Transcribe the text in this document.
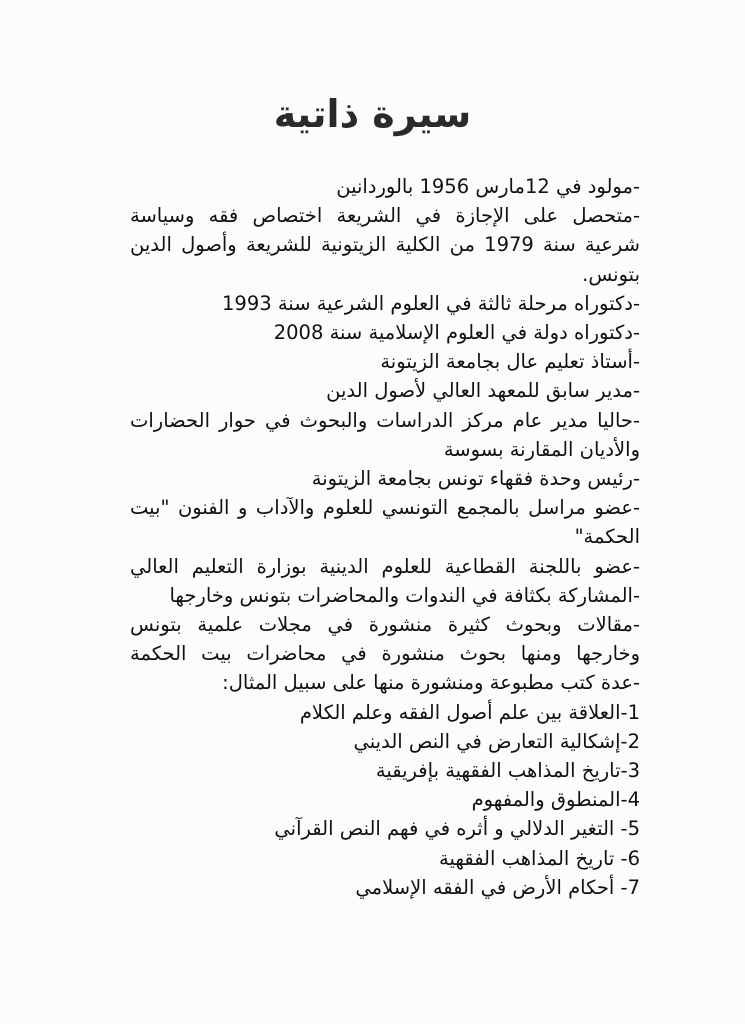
سيرة ذاتية
-مولود في 12مارس 1956 بالوردانين
-متحصل على الإجازة في الشريعة اختصاص فقه وسياسة
شرعية سنة 1979 من الكلية الزيتونية للشريعة وأصول الدين
بتونس.
-دكتوراه مرحلة ثالثة في العلوم الشرعية سنة 1993
-دكتوراه دولة في العلوم الإسلامية سنة 2008
-أستاذ تعليم عال بجامعة الزيتونة
-مدير سابق للمعهد العالي لأصول الدين
-حاليا مدير عام مركز الدراسات والبحوث في حوار الحضارات
والأديان المقارنة بسوسة
-رئيس وحدة فقهاء تونس بجامعة الزيتونة
-عضو مراسل بالمجمع التونسي للعلوم والآداب و الفنون "بيت
الحكمة"
-عضو باللجنة القطاعية للعلوم الدينية بوزارة التعليم العالي
-المشاركة بكثافة في الندوات والمحاضرات بتونس وخارجها
-مقالات وبحوث كثيرة منشورة في مجلات علمية بتونس
وخارجها ومنها بحوث منشورة في محاضرات بيت الحكمة
-عدة كتب مطبوعة ومنشورة منها على سبيل المثال:
1-العلاقة بين علم أصول الفقه وعلم الكلام
2-إشكالية التعارض في النص الديني
3-تاريخ المذاهب الفقهية بإفريقية
4-المنطوق والمفهوم
5- التغير الدلالي و أثره في فهم النص القرآني
6- تاريخ المذاهب الفقهية
7- أحكام الأرض في الفقه الإسلامي
